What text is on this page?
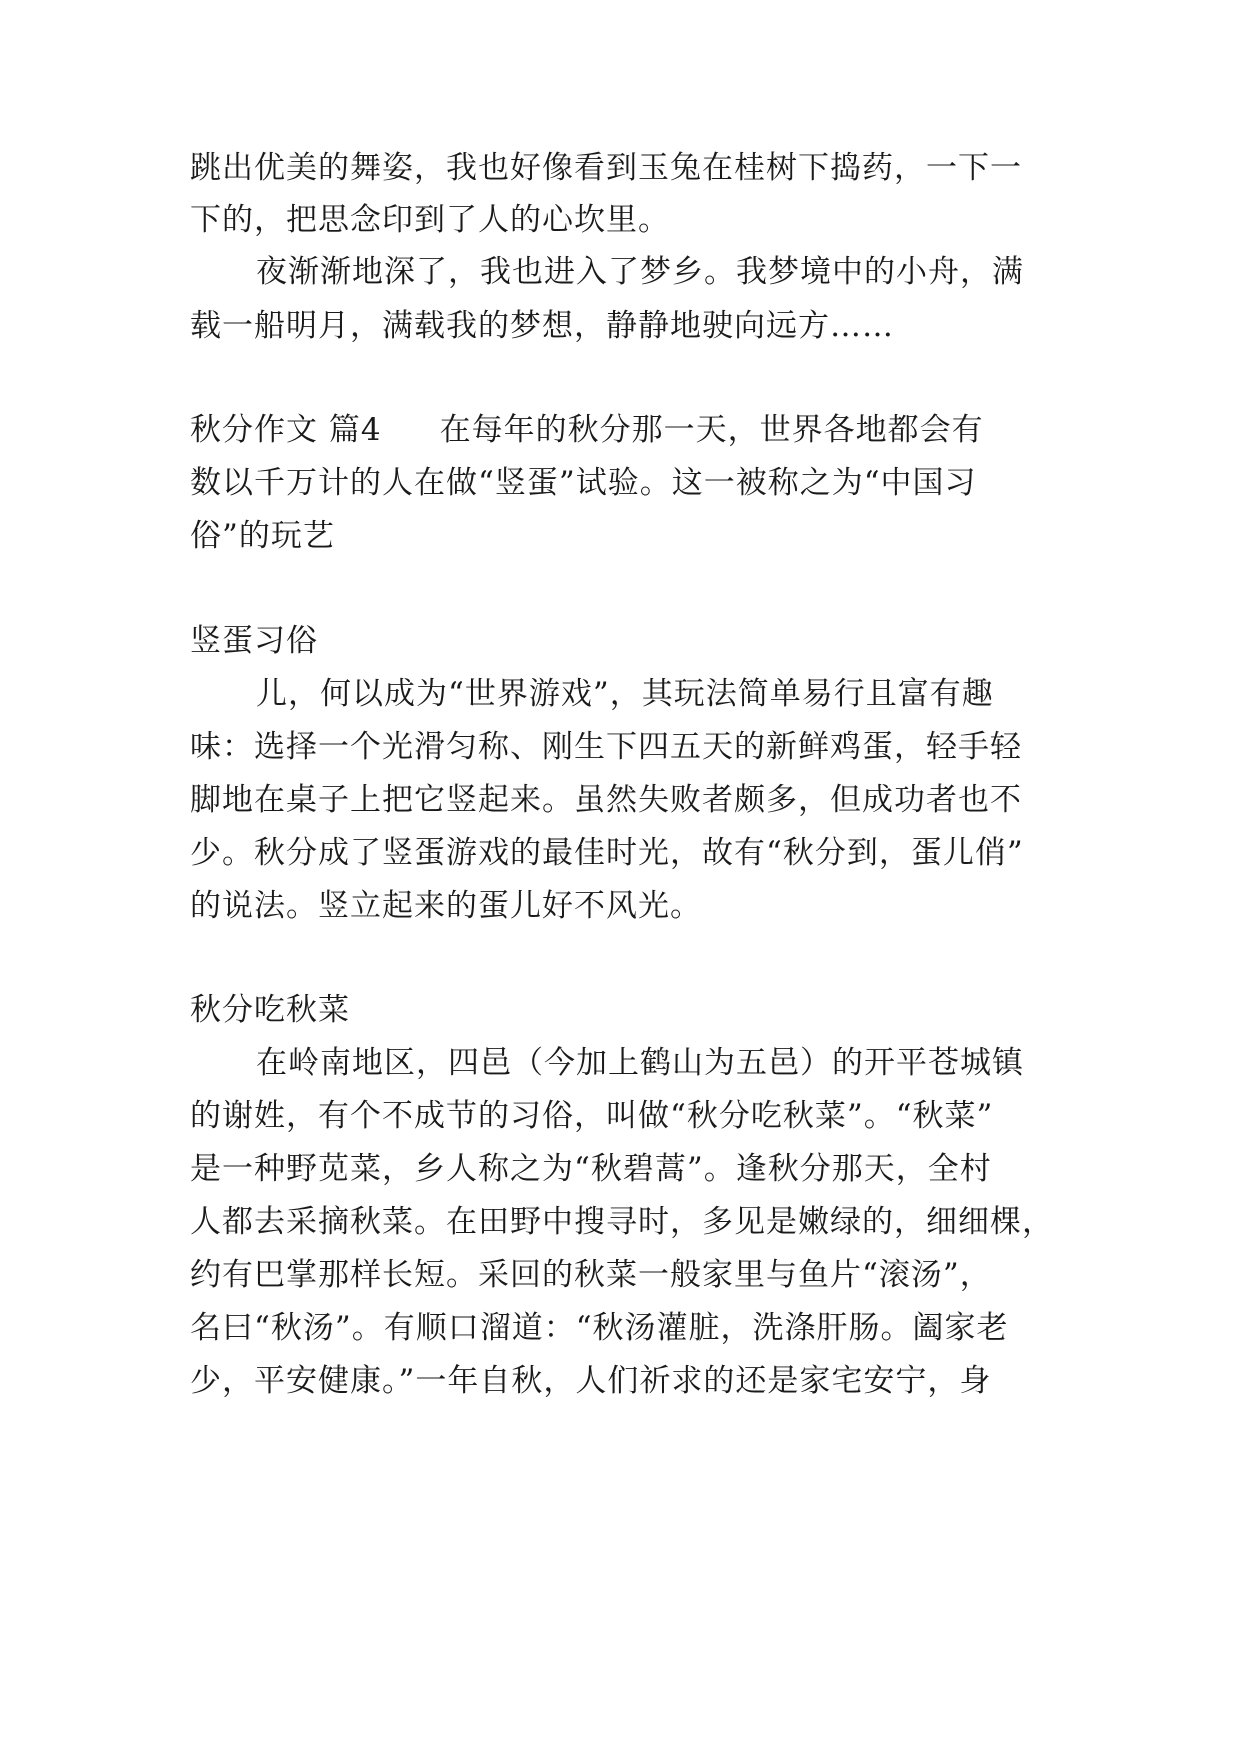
跳出优美的舞姿，我也好像看到玉兔在桂树下捣药，一下一
下的，把思念印到了人的心坎里。
夜渐渐地深了，我也进入了梦乡。我梦境中的小舟，满
载一船明月，满载我的梦想，静静地驶向远方……
秋分作文 篇4 在每年的秋分那一天，世界各地都会有
数以千万计的人在做“竖蛋”试验。这一被称之为“中国习
俗”的玩艺
竖蛋习俗
儿，何以成为“世界游戏”，其玩法简单易行且富有趣
味：选择一个光滑匀称、刚生下四五天的新鲜鸡蛋，轻手轻
脚地在桌子上把它竖起来。虽然失败者颇多，但成功者也不
少。秋分成了竖蛋游戏的最佳时光，故有“秋分到，蛋儿俏”
的说法。竖立起来的蛋儿好不风光。
秋分吃秋菜
在岭南地区，四邑（今加上鹤山为五邑）的开平苍城镇
的谢姓，有个不成节的习俗，叫做“秋分吃秋菜”。“秋菜”
是一种野苋菜，乡人称之为“秋碧蒿”。逢秋分那天，全村
人都去采摘秋菜。在田野中搜寻时，多见是嫩绿的，细细棵，
约有巴掌那样长短。采回的秋菜一般家里与鱼片“滚汤”，
名曰“秋汤”。有顺口溜道：“秋汤灌脏，洗涤肝肠。阖家老
少，平安健康。”一年自秋，人们祈求的还是家宅安宁，身
